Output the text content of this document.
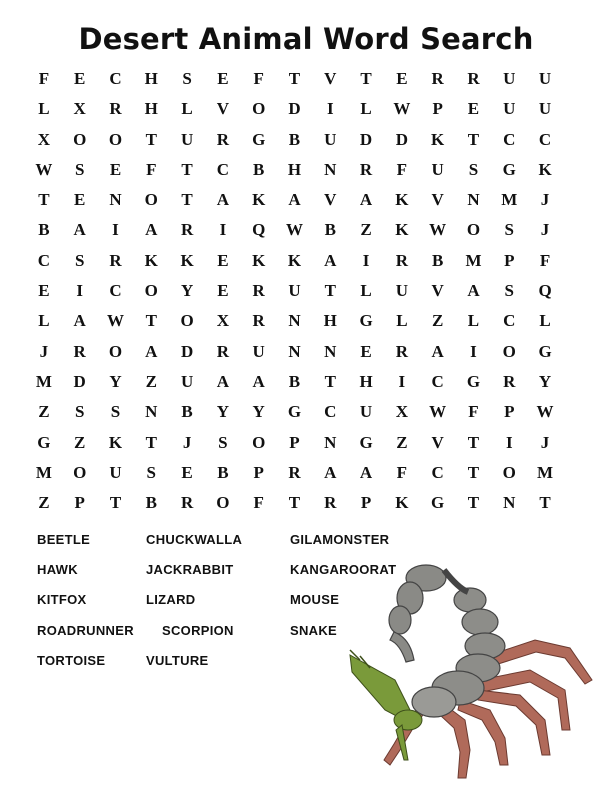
Desert Animal Word Search
F	E	C	H	S	E	F	T	V	T	E	R	R	U	U
L	X	R	H	L	V	O	D	I	L	W	P	E	U	U
X	O	O	T	U	R	G	B	U	D	D	K	T	C	C
W	S	E	F	T	C	B	H	N	R	F	U	S	G	K
T	E	N	O	T	A	K	A	V	A	K	V	N	M	J
B	A	I	A	R	I	Q	W	B	Z	K	W	O	S	J
C	S	R	K	K	E	K	K	A	I	R	B	M	P	F
E	I	C	O	Y	E	R	U	T	L	U	V	A	S	Q
L	A	W	T	O	X	R	N	H	G	L	Z	L	C	L
J	R	O	A	D	R	U	N	N	E	R	A	I	O	G
M	D	Y	Z	U	A	A	B	T	H	I	C	G	R	Y
Z	S	S	N	B	Y	Y	G	C	U	X	W	F	P	W
G	Z	K	T	J	S	O	P	N	G	Z	V	T	I	J
M	O	U	S	E	B	P	R	A	A	F	C	T	O	M
Z	P	T	B	R	O	F	T	R	P	K	G	T	N	T
BEETLE	CHUCKWALLA	GILAMONSTER
HAWK	JACKRABBIT	KANGAROORAT
KITFOX	LIZARD	MOUSE
ROADRUNNER SCORPION	SNAKE
TORTOISE	VULTURE
